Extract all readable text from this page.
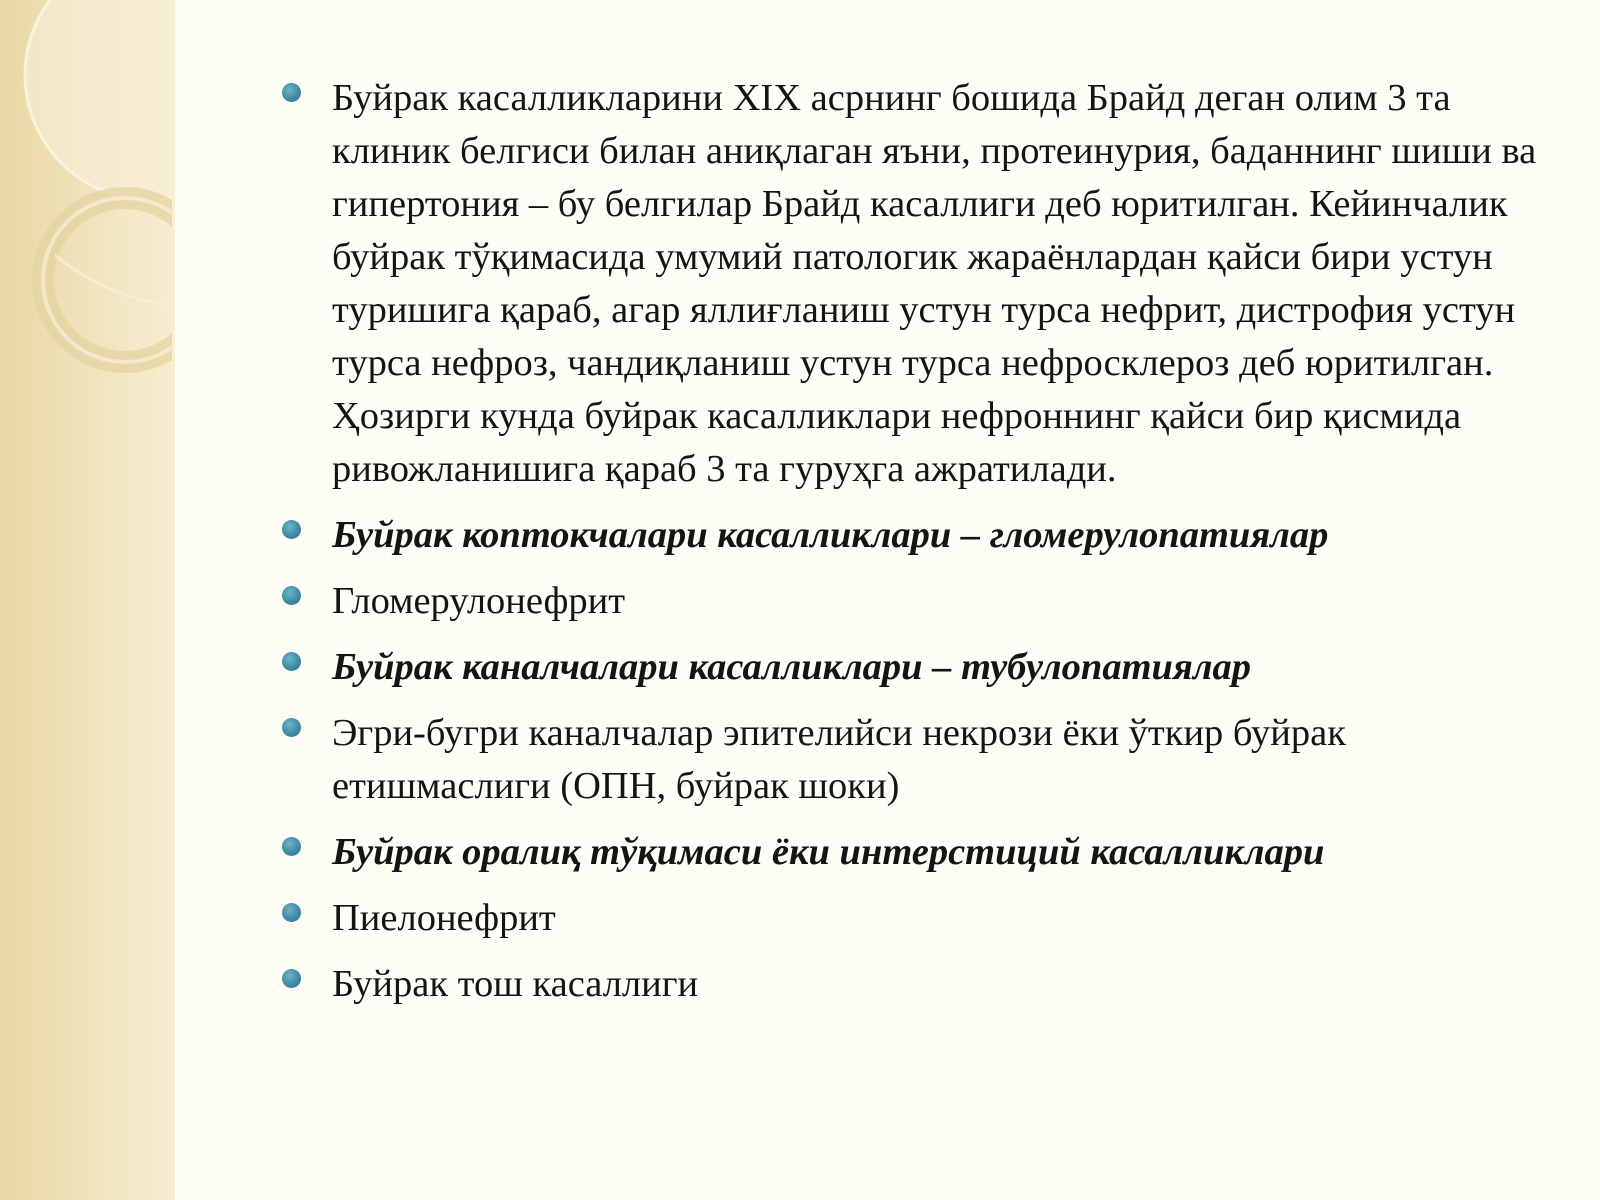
Буйрак касалликларини XIX асрнинг бошида Брайд деган олим 3 та клиник белгиси билан аниқлаган яъни, протеинурия, баданнинг шиши ва гипертония – бу белгилар Брайд касаллиги деб юритилган. Кейинчалик буйрак тўқимасида умумий патологик жараёнлардан қайси бири устун туришига қараб, агар яллиғланиш устун турса нефрит, дистрофия устун турса нефроз, чандиқланиш устун турса нефросклероз деб юритилган. Ҳозирги кунда буйрак касалликлари нефроннинг қайси бир қисмида ривожланишига қараб 3 та гуруҳга ажратилади.
Буйрак коптокчалари касалликлари – гломерулопатиялар
Гломерулонефрит
Буйрак каналчалари касалликлари – тубулопатиялар
Эгри-бугри каналчалар эпителийси некрози ёки ўткир буйрак етишмаслиги (ОПН, буйрак шоки)
Буйрак оралиқ тўқимаси ёки интерстиций касалликлари
Пиелонефрит
Буйрак тош касаллиги
